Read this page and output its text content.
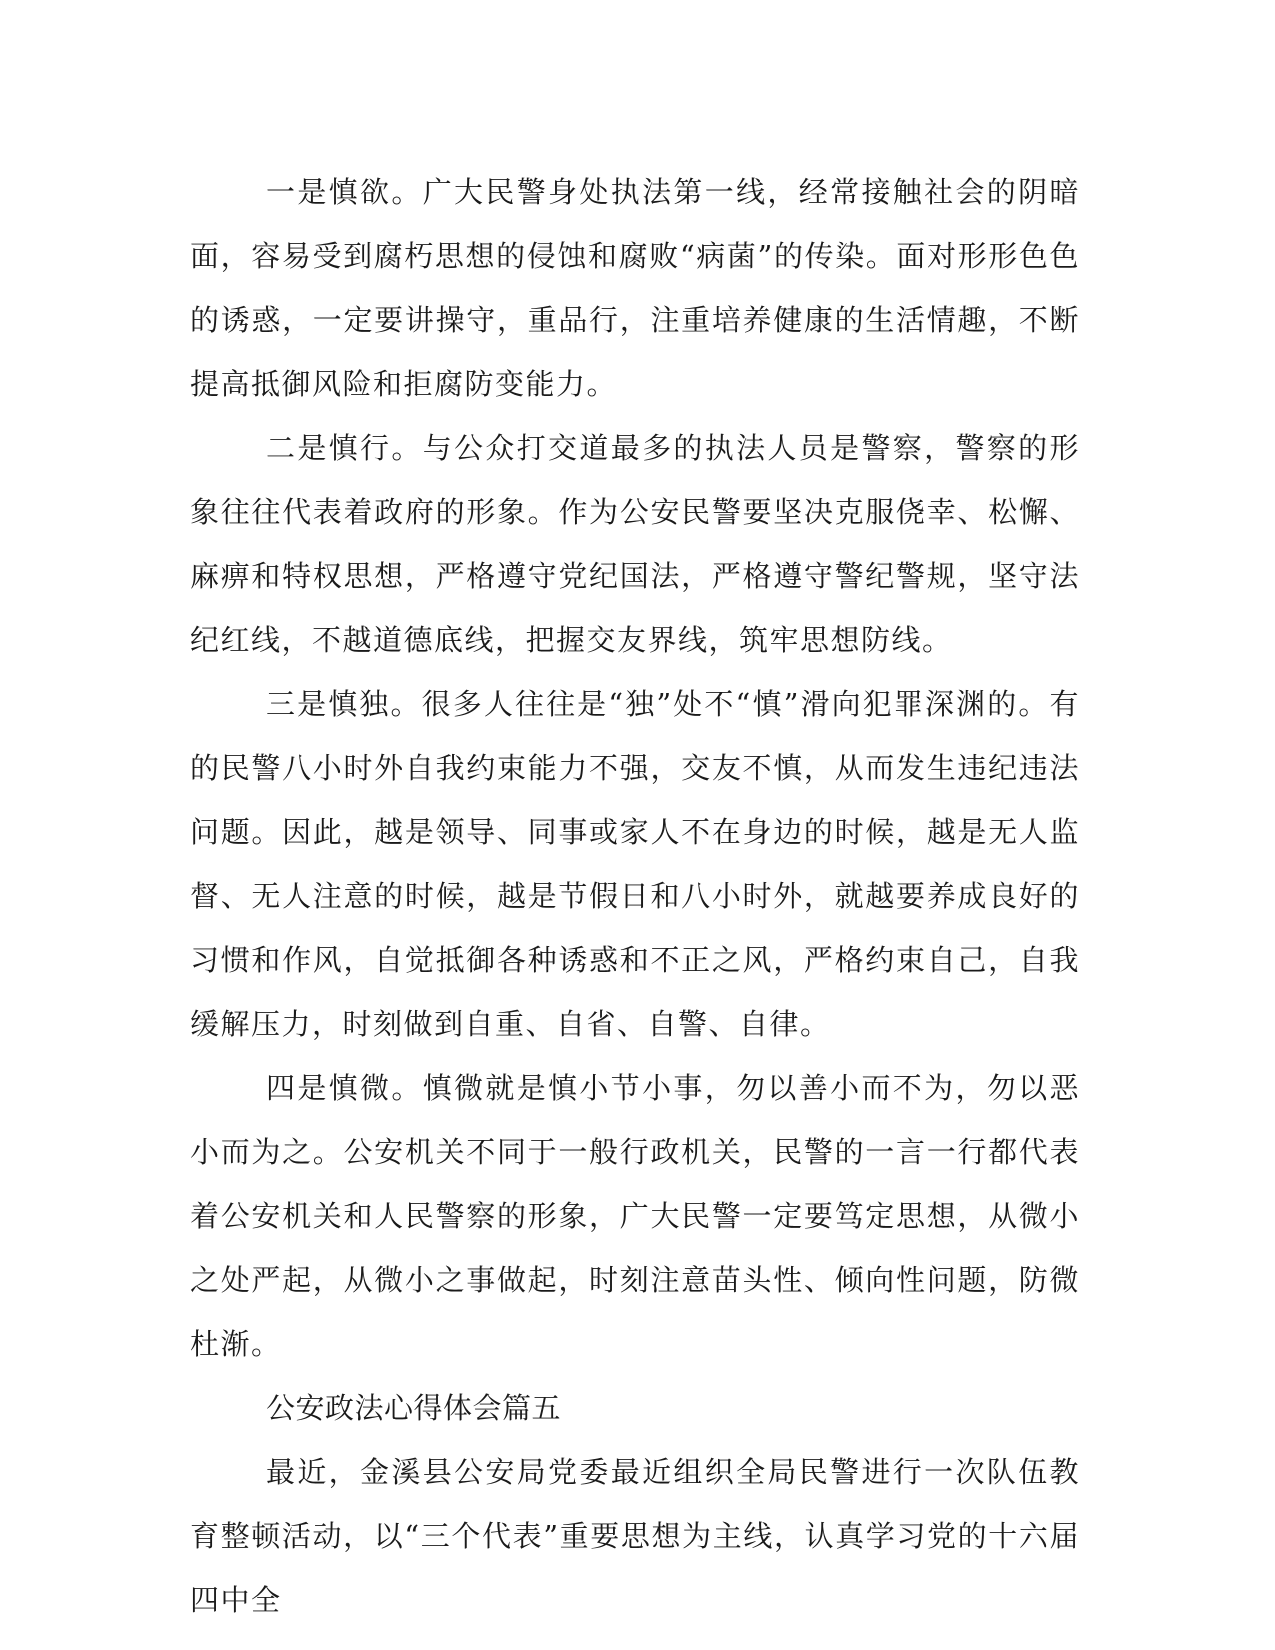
一是慎欲。广大民警身处执法第一线，经常接触社会的阴暗面，容易受到腐朽思想的侵蚀和腐败“病菌”的传染。面对形形色色的诱惑，一定要讲操守，重品行，注重培养健康的生活情趣，不断提高抵御风险和拒腐防变能力。

二是慎行。与公众打交道最多的执法人员是警察，警察的形象往往代表着政府的形象。作为公安民警要坚决克服侥幸、松懈、麻痹和特权思想，严格遵守党纪国法，严格遵守警纪警规，坚守法纪红线，不越道德底线，把握交友界线，筑牢思想防线。

三是慎独。很多人往往是“独”处不“慎”滑向犯罪深渊的。有的民警八小时外自我约束能力不强，交友不慎，从而发生违纪违法问题。因此，越是领导、同事或家人不在身边的时候，越是无人监督、无人注意的时候，越是节假日和八小时外，就越要养成良好的习惯和作风，自觉抵御各种诱惑和不正之风，严格约束自己，自我缓解压力，时刻做到自重、自省、自警、自律。

四是慎微。慎微就是慎小节小事，勿以善小而不为，勿以恶小而为之。公安机关不同于一般行政机关，民警的一言一行都代表着公安机关和人民警察的形象，广大民警一定要笃定思想，从微小之处严起，从微小之事做起，时刻注意苗头性、倾向性问题，防微杜渐。

公安政法心得体会篇五

最近，金溪县公安局党委最近组织全局民警进行一次队伍教育整顿活动，以“三个代表”重要思想为主线，认真学习党的十六届四中全
